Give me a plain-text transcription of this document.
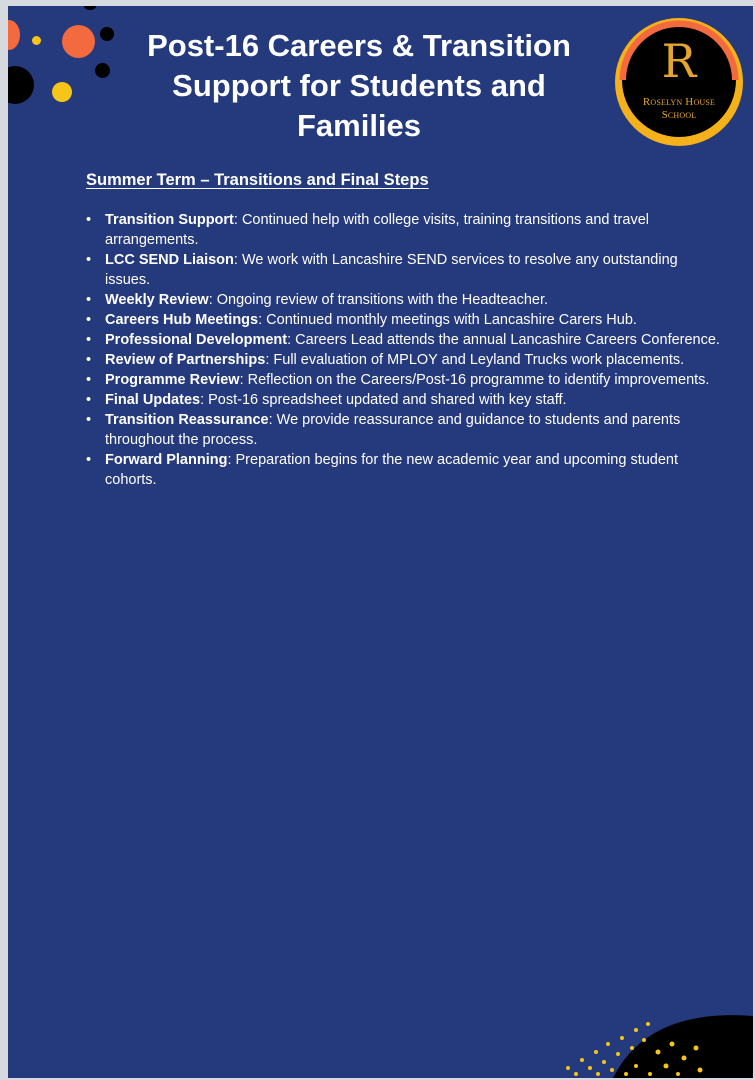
Post-16 Careers & Transition Support for Students and Families
R
Roselyn House
School
Summer Term – Transitions and Final Steps
• Transition Support: Continued help with college visits, training transitions and travel arrangements.
• LCC SEND Liaison: We work with Lancashire SEND services to resolve any outstanding issues.
• Weekly Review: Ongoing review of transitions with the Headteacher.
• Careers Hub Meetings: Continued monthly meetings with Lancashire Carers Hub.
• Professional Development: Careers Lead attends the annual Lancashire Careers Conference.
• Review of Partnerships: Full evaluation of MPLOY and Leyland Trucks work placements.
• Programme Review: Reflection on the Careers/Post-16 programme to identify improvements.
• Final Updates: Post-16 spreadsheet updated and shared with key staff.
• Transition Reassurance: We provide reassurance and guidance to students and parents throughout the process.
• Forward Planning: Preparation begins for the new academic year and upcoming student cohorts.
